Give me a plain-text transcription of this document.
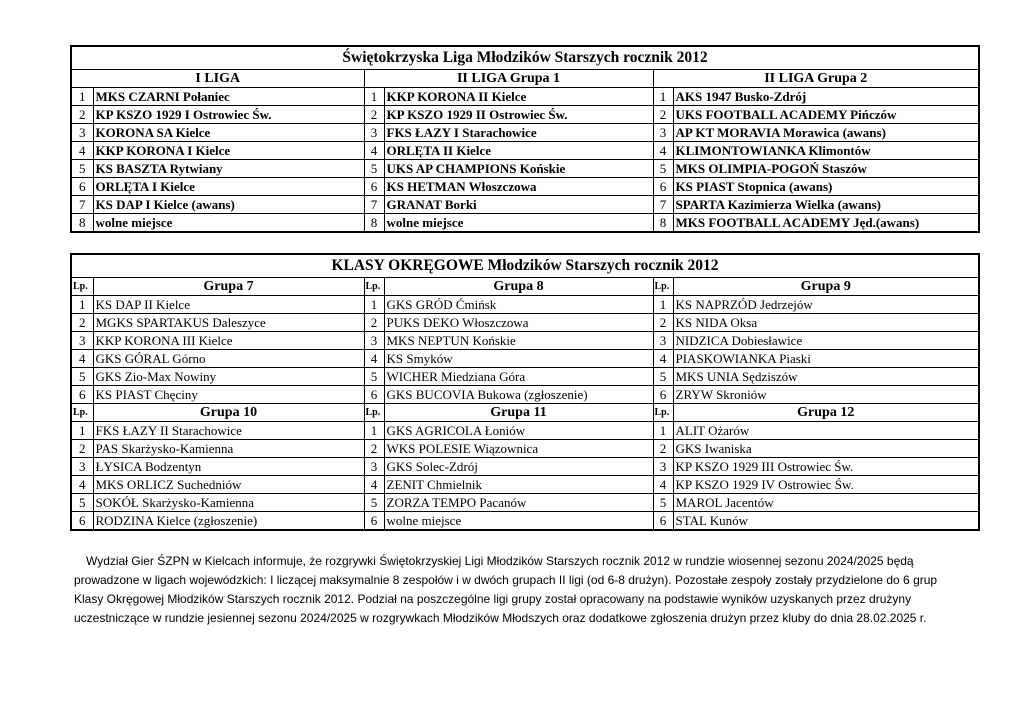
Świętokrzyska Liga Młodzików Starszych rocznik 2012					
I LIGA		II LIGA Grupa 1		II LIGA Grupa 2	
1	MKS CZARNI Połaniec	1	KKP KORONA II Kielce	1	AKS 1947 Busko-Zdrój
2	KP KSZO 1929 I Ostrowiec Św.	2	KP KSZO 1929 II Ostrowiec Św.	2	UKS FOOTBALL ACADEMY Pińczów
3	KORONA SA Kielce	3	FKS ŁAZY I Starachowice	3	AP KT MORAVIA Morawica (awans)
4	KKP KORONA I Kielce	4	ORLĘTA II Kielce	4	KLIMONTOWIANKA Klimontów
5	KS BASZTA Rytwiany	5	UKS AP CHAMPIONS Końskie	5	MKS OLIMPIA-POGOŃ Staszów
6	ORLĘTA I Kielce	6	KS HETMAN Włoszczowa	6	KS PIAST Stopnica (awans)
7	KS DAP I Kielce (awans)	7	GRANAT Borki	7	SPARTA Kazimierza Wielka (awans)
8	wolne miejsce	8	wolne miejsce	8	MKS FOOTBALL ACADEMY Jęd.(awans)
KLASY OKRĘGOWE Młodzików Starszych rocznik 2012					
Lp.	Grupa 7	Lp.	Grupa 8	Lp.	Grupa 9
1	KS DAP II Kielce	1	GKS GRÓD Ćmińsk	1	KS NAPRZÓD Jedrzejów
2	MGKS SPARTAKUS Daleszyce	2	PUKS DEKO Włoszczowa	2	KS NIDA Oksa
3	KKP KORONA III Kielce	3	MKS NEPTUN Końskie	3	NIDZICA Dobiesławice
4	GKS GÓRAL Górno	4	KS Smyków	4	PIASKOWIANKA Piaski
5	GKS Zio-Max Nowiny	5	WICHER Miedziana Góra	5	MKS UNIA Sędziszów
6	KS PIAST Chęciny	6	GKS BUCOVIA Bukowa (zgłoszenie)	6	ZRYW Skroniów
Lp.	Grupa 10	Lp.	Grupa 11	Lp.	Grupa 12
1	FKS ŁAZY II Starachowice	1	GKS AGRICOLA Łoniów	1	ALIT Ożarów
2	PAS Skarżysko-Kamienna	2	WKS POLESIE Wiązownica	2	GKS Iwaniska
3	ŁYSICA Bodzentyn	3	GKS Solec-Zdrój	3	KP KSZO 1929 III Ostrowiec Św.
4	MKS ORLICZ Suchedniów	4	ZENIT Chmielnik	4	KP KSZO 1929 IV Ostrowiec Św.
5	SOKÓŁ Skarżysko-Kamienna	5	ZORZA TEMPO Pacanów	5	MAROL Jacentów
6	RODZINA Kielce (zgłoszenie)	6	wolne miejsce	6	STAL Kunów

Wydział Gier ŚZPN w Kielcach informuje, że rozgrywki Świętokrzyskiej Ligi Młodzików Starszych rocznik 2012 w rundzie wiosennej sezonu 2024/2025 będą prowadzone w ligach wojewódzkich: I liczącej maksymalnie 8 zespołów i w dwóch grupach II ligi (od 6-8 drużyn). Pozostałe zespoły zostały przydzielone do 6 grup Klasy Okręgowej Młodzików Starszych rocznik 2012. Podział na poszczególne ligi grupy został opracowany na podstawie wyników uzyskanych przez drużyny uczestniczące w rundzie jesiennej sezonu 2024/2025 w rozgrywkach Młodzików Młodszych oraz dodatkowe zgłoszenia drużyn przez kluby do dnia 28.02.2025 r.
